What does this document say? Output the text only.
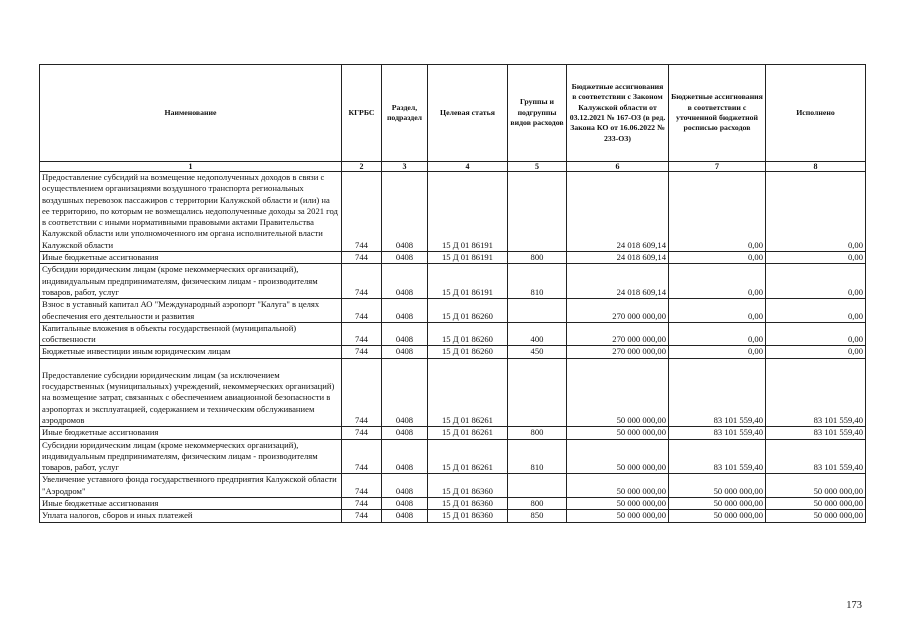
Наименование	КГРБС	Раздел, подраздел	Целевая статья	Группы и подгруппы видов расходов	Бюджетные ассигнования в соответствии с Законом Калужской области от 03.12.2021 № 167-ОЗ (в ред. Закона КО от 16.06.2022 № 233-ОЗ)	Бюджетные ассигнования в соответствии с уточненной бюджетной росписью расходов	Исполнено
1	2	3	4	5	6	7	8
Предоставление субсидий на возмещение недополученных доходов в связи с осуществлением организациями воздушного транспорта региональных воздушных перевозок пассажиров с территории Калужской области и (или) на ее территорию, по которым не возмещались недополученные доходы за 2021 год в соответствии с иными нормативными правовыми актами Правительства Калужской области или уполномоченного им органа исполнительной власти Калужской области	744	0408	15 Д 01 86191		24 018 609,14	0,00	0,00
Иные бюджетные ассигнования	744	0408	15 Д 01 86191	800	24 018 609,14	0,00	0,00
Субсидии юридическим лицам (кроме некоммерческих организаций), индивидуальным предпринимателям, физическим лицам - производителям товаров, работ, услуг	744	0408	15 Д 01 86191	810	24 018 609,14	0,00	0,00
Взнос в уставный капитал АО "Международный аэропорт "Калуга" в целях обеспечения его деятельности и развития	744	0408	15 Д 01 86260		270 000 000,00	0,00	0,00
Капитальные вложения в объекты государственной (муниципальной) собственности	744	0408	15 Д 01 86260	400	270 000 000,00	0,00	0,00
Бюджетные инвестиции иным юридическим лицам	744	0408	15 Д 01 86260	450	270 000 000,00	0,00	0,00

Предоставление субсидии юридическим лицам (за исключением государственных (муниципальных) учреждений, некоммерческих организаций) на возмещение затрат, связанных с обеспечением авиационной безопасности в аэропортах и эксплуатацией, содержанием и техническим обслуживанием аэродромов	744	0408	15 Д 01 86261		50 000 000,00	83 101 559,40	83 101 559,40
Иные бюджетные ассигнования	744	0408	15 Д 01 86261	800	50 000 000,00	83 101 559,40	83 101 559,40
Субсидии юридическим лицам (кроме некоммерческих организаций), индивидуальным предпринимателям, физическим лицам - производителям товаров, работ, услуг	744	0408	15 Д 01 86261	810	50 000 000,00	83 101 559,40	83 101 559,40
Увеличение уставного фонда государственного предприятия Калужской области "Аэродром"	744	0408	15 Д 01 86360		50 000 000,00	50 000 000,00	50 000 000,00
Иные бюджетные ассигнования	744	0408	15 Д 01 86360	800	50 000 000,00	50 000 000,00	50 000 000,00
Уплата налогов, сборов и иных платежей	744	0408	15 Д 01 86360	850	50 000 000,00	50 000 000,00	50 000 000,00
173
